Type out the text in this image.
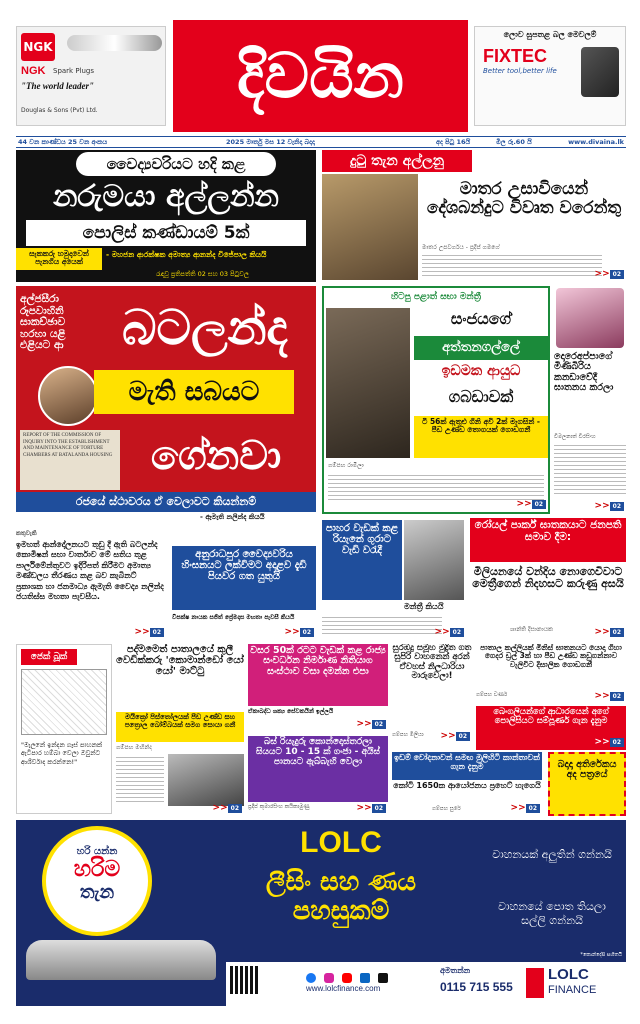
NGK
NGK Spark Plugs
"The world leader"
Douglas & Sons (Pvt) Ltd.	දිවයින
ලොව සුපතළ බල මෙවලම්
FIXTEC
Better tool,better life
44 වන කාණ්ඩය 25 වන අංකය	2025 මාර්තු මස 12 වැනිදා බදාදා	අද පිටු 16යි	මිල රු.60 යි	www.divaina.lk
වෛද්‍යවරියට හදි කළ
නරුමයා අල්ලන්න
පොලිස් කණ්ඩායම් 5ක්
සැකකරු හමුදාවෙන් පැනගිය අයෙක්
- මහජන ආරක්ෂක අමාත්‍ය ආනන්ද විජේපාල කියයි
රැඳවූ ප්‍රතිපත්ති 02 සහ 03 පිටුවල
දුටු තැන අල්ලනු
මාතර උසාවියෙන් දේශබන්දුට විවෘත වරෙන්තු
මාතර උපවර්ගය - ප්‍රදීප් ගමගේ
>> 02
අල්ජසීරා රූපවාහිනි සාකච්ඡාව හරහා යළි එළියට ආ
REPORT OF THE COMMISSION OF INQUIRY INTO THE ESTABLISHMENT AND MAINTENANCE OF TORTURE CHAMBERS AT BATALANDA HOUSING
බටලන්ද
මැති සබයට
ගේනවා
රජයේ ස්ථාවරය ඒ වෙලාවට කියන්නම්
- ඇමැති නලින්ද කියයි
හිටපු පළාත් සභා මන්ත්‍රී
සංජයගේ
අත්තනගල්ලේ
ඉඩමක ආයුධ
ගබඩාවක්
ටී 56ක් ඇතුළු ගිනි අවි 2ක් මැගසින් - පීඩ උණ්ඩ තොගයක් ගොඩගනී
ගම්පහ රාමිලා
>> 02
දොරෙඅප්පාගේ මිණිබිරිය කනඩාවේදී ඝාතනය කරලා
විමලනාත් වීරසිංහ
>> 02
කතුවැකි
ඉමහත් ආන්දෝලනයට තුඩු දී ඇති බටලන්ද කොමිෂන් සභා වාර්තාව මේ සතිය තුළ පාර්ලිමේන්තුවට ඉදිරිපත් කිරීමට අමාත්‍ය මණ්ඩලය තීරණය කළ බව කැබිනට් ප්‍රකාශක හා ජනමාධ්‍ය ඇමැති වෛද්‍ය නලින්ද ජයතිස්ස මහතා පැවසීය.
>> 02
අනුරාධපුර වෛද්‍යවරිය හිංසනයට ලක්විමට අදාළව දැඩි පියවර ගත යුතුයි
විපක්ෂ නායක සජිත් ප්‍රේමදාස මහතා පැවසී කියයි
>> 02
පාහර වැඩක් කළ රියැනේ ගුරාට වැඩි වරැදී
මන්ත්‍රී කියයි
>> 02
රෝයල් පාර්ක් ඝාතකයාට ජනපති සමාව දීම:
මිලියනයේ වන්දිය නොගෙවිවාට මෙත්‍රීගෙන් නිදහසට කරුණු අසයි
ශාන්ති දිසානායක	>> 02
ජෙක් බූක්
"මැලනේ ඉන්දන ගෑස් පාහනක් ඇටිපාර හම්බා වෙලා ඔවුන්ට ආශීර්වාද කරන්නෙ!"
පද්මමෙත් පාතාලයේ කුලී වෙඩික්කරු 'කොමාන්ඩෝ යෝ යෝ' මාට්ටු
මයික්‍රෝ පිස්තෝලයක් පීඩ උණ්ඩ සහ පත්‍රොල බෝම්බයක් සමග සොයා ගනී
ගම්පහ මහින්ද
>> 02
වසර 50ක් රටට වැඩක් කළ රාජ්‍ය සංවර්ධන නිර්මාණ නිතියාග සංස්ථාව වසා දමන්න එපා
ඒකාබද්ධ ශක්‍ය සේවකයින් ඉල්ලයි
>> 02
බස් රියැදුරු කොන්දොස්තරලා සියයට 10 - 15 ක් ගංජා - අයිස් පානයට ඇබ්බැහි වෙලා
ප්‍රදීප් කුමාරසිංහ කයිකාමුණු	>> 02
සුරඹදු සමූහ මුද්‍රිත ගත සුපිරි වාහනෙන් අරන් ඒවහස් නිලධාරියා මාරුවෙලා!
ගම්පහ මිලියා >> 02
පාතාල කල්ලියක් මිනිස් ඝාතනයට යොදා ගිහා ගෙදර ඩ්‍රල් 3ක් හා පීඩ උණ්ඩ කඩුගන්නාව වැලිවිට දිසාලික ගොඩගනී
ගම්පහ වර්ණ	>> 02
බෙංගලියන්ගේ ආධාරයෙන් අගේ පොලිසියට සම්පූර්ණ ගැන දැනුම
>> 02
ඉඩම් වෝදනාවන් සමඟ මුලිහිටි කාන්තාවක් ගැන දැනුම
කෝටි 1650ක ආයෝජනය ප්‍රහෙට් හැගෙයි
ගම්පහ සුරේ	>> 02
බදාදා අතිරේකය අද පත්‍රයේ
හරි යන්න
හරිම
තැන
LOLC
ලීසිං සහ ණය පහසුකම්
වාහනයක් අලුතින් ගන්නයි
වාහනයේ පොත තියලා සල්ලි ගන්නයි
*කොන්දේසි සහිතයි

www.lolcfinance.com
අමතන්න
0115 715 555
LOLC
FINANCE
